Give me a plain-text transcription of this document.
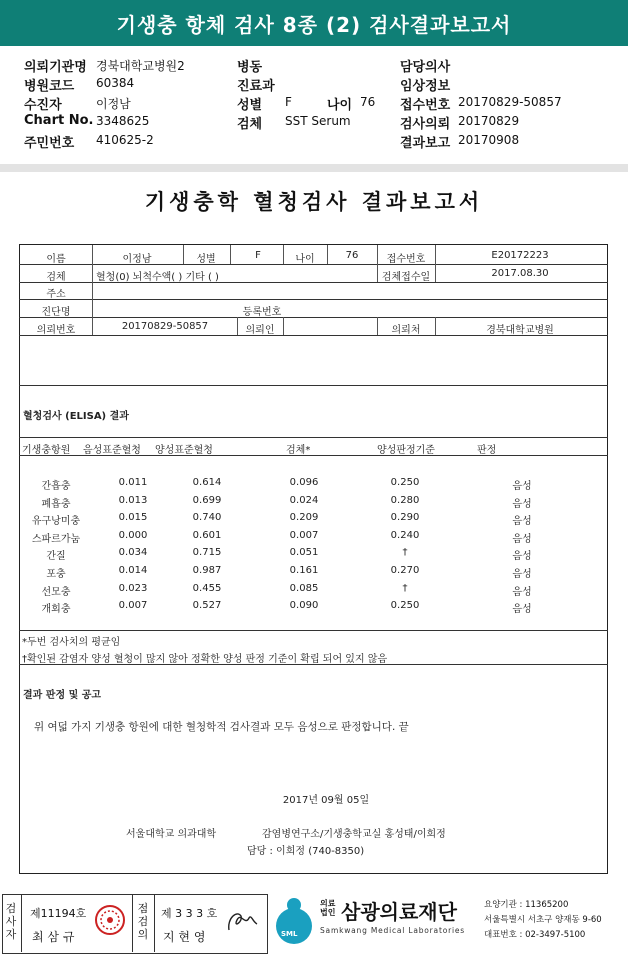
기생충 항체 검사 8종 (2) 검사결과보고서
의뢰기관명 경북대학교병원2
병원코드 60384
수진자	이정남
Chart No. 3348625
주민번호 410625-2
병동
진료과
성별 F	나이 76
검체 SST Serum
담당의사
임상정보
접수번호 20170829-50857
검사의뢰 20170829
결과보고 20170908
기생충학 혈청검사 결과보고서
이름	이정남	성별	F	나이	76	접수번호	E20172223
검체	혈청(0) 뇌척수액( ) 기타 ( )	검체접수일	2017.08.30
주소
진단명	등록번호
의뢰번호	20170829-50857	의뢰인	의뢰처	경북대학교병원
혈청검사 (ELISA) 결과
기생충항원 음성표준혈청 양성표준혈청	검체*	양성판정기준	판정
간흡충	0.011	0.614	0.096	0.250	음성
폐흡충	0.013	0.699	0.024	0.280	음성
유구낭미충	0.015	0.740	0.209	0.290	음성
스파르가눔	0.000	0.601	0.007	0.240	음성
간질	0.034	0.715	0.051	†	음성
포충	0.014	0.987	0.161	0.270	음성
선모충	0.023	0.455	0.085	†	음성
개회충	0.007	0.527	0.090	0.250	음성
*두번 검사치의 평균임
†확인된 감염자 양성 혈청이 많지 않아 정확한 양성 판정 기준이 확립 되어 있지 않음
결과 판정 및 공고
위 여덟 가지 기생충 항원에 대한 혈청학적 검사결과 모두 음성으로 판정합니다. 끝
2017년 09월 05일
서울대학교 의과대학	감염병연구소/기생충학교실 홍성태/이희정
담당 : 이희정 (740-8350)
검
사
자
제11194호
최 삼 규
점
검
의
제 3 3 3 호
지 현 영	SML
의료법인 삼광의료재단
Samkwang Medical Laboratories
요양기관 : 11365200
서울특별시 서초구 양재동 9-60
대표번호 : 02-3497-5100
